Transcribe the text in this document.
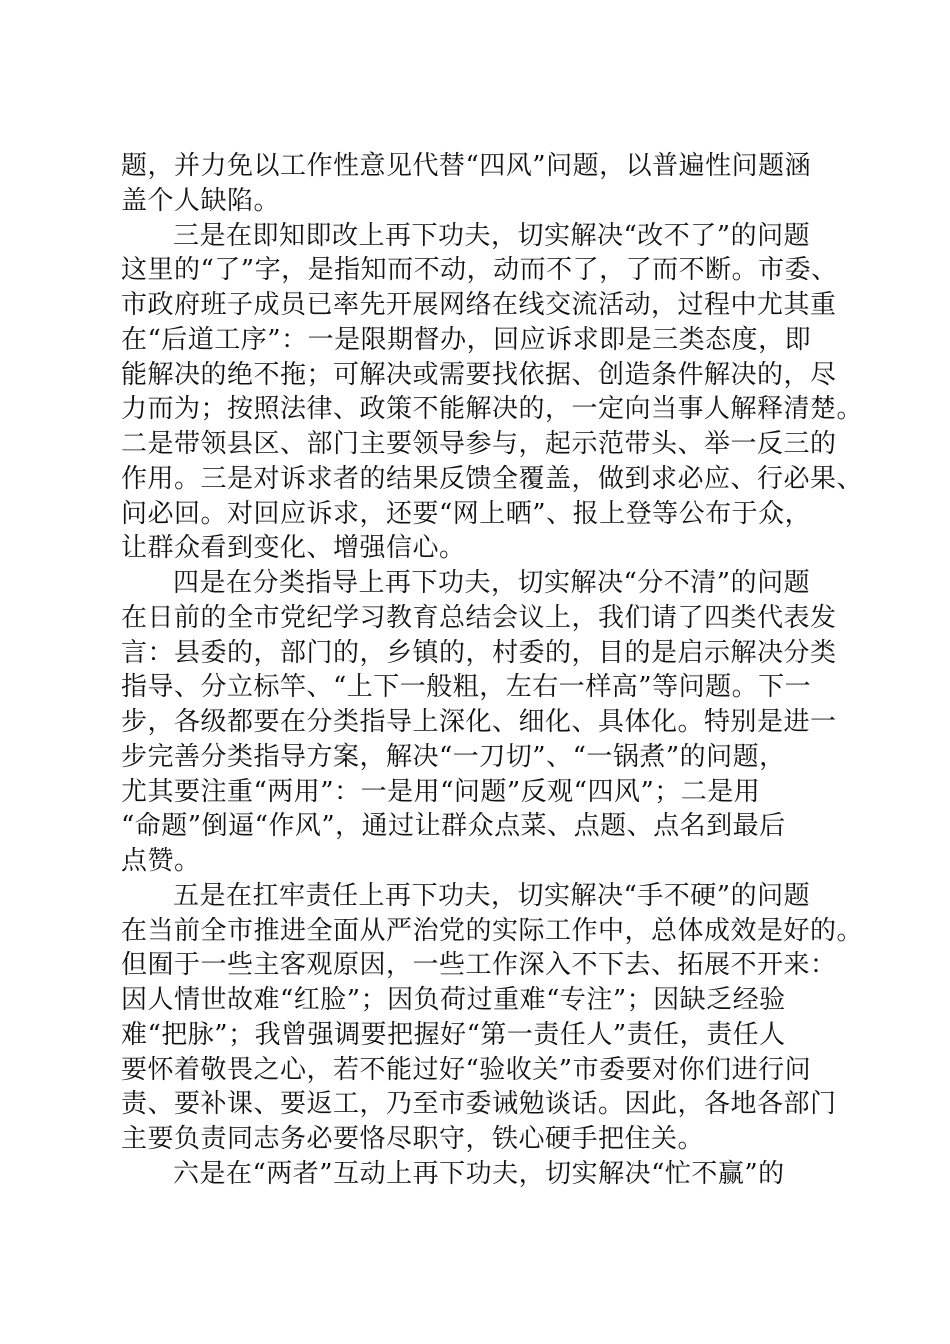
题，并力免以工作性意见代替“四风”问题，以普遍性问题涵
盖个人缺陷。
三是在即知即改上再下功夫，切实解决“改不了”的问题
这里的“了”字，是指知而不动，动而不了，了而不断。市委、
市政府班子成员已率先开展网络在线交流活动，过程中尤其重
在“后道工序”：一是限期督办，回应诉求即是三类态度，即
能解决的绝不拖；可解决或需要找依据、创造条件解决的，尽
力而为；按照法律、政策不能解决的，一定向当事人解释清楚。
二是带领县区、部门主要领导参与，起示范带头、举一反三的
作用。三是对诉求者的结果反馈全覆盖，做到求必应、行必果、
问必回。对回应诉求，还要“网上晒”、报上登等公布于众，
让群众看到变化、增强信心。
四是在分类指导上再下功夫，切实解决“分不清”的问题
在日前的全市党纪学习教育总结会议上，我们请了四类代表发
言：县委的，部门的，乡镇的，村委的，目的是启示解决分类
指导、分立标竿、“上下一般粗，左右一样高”等问题。下一
步，各级都要在分类指导上深化、细化、具体化。特别是进一
步完善分类指导方案，解决“一刀切”、“一锅煮”的问题，
尤其要注重“两用”：一是用“问题”反观“四风”；二是用
“命题”倒逼“作风”，通过让群众点菜、点题、点名到最后
点赞。
五是在扛牢责任上再下功夫，切实解决“手不硬”的问题
在当前全市推进全面从严治党的实际工作中，总体成效是好的。
但囿于一些主客观原因，一些工作深入不下去、拓展不开来：
因人情世故难“红脸”；因负荷过重难“专注”；因缺乏经验
难“把脉”；我曾强调要把握好“第一责任人”责任，责任人
要怀着敬畏之心，若不能过好“验收关”市委要对你们进行问
责、要补课、要返工，乃至市委诫勉谈话。因此，各地各部门
主要负责同志务必要恪尽职守，铁心硬手把住关。
六是在“两者”互动上再下功夫，切实解决“忙不赢”的
